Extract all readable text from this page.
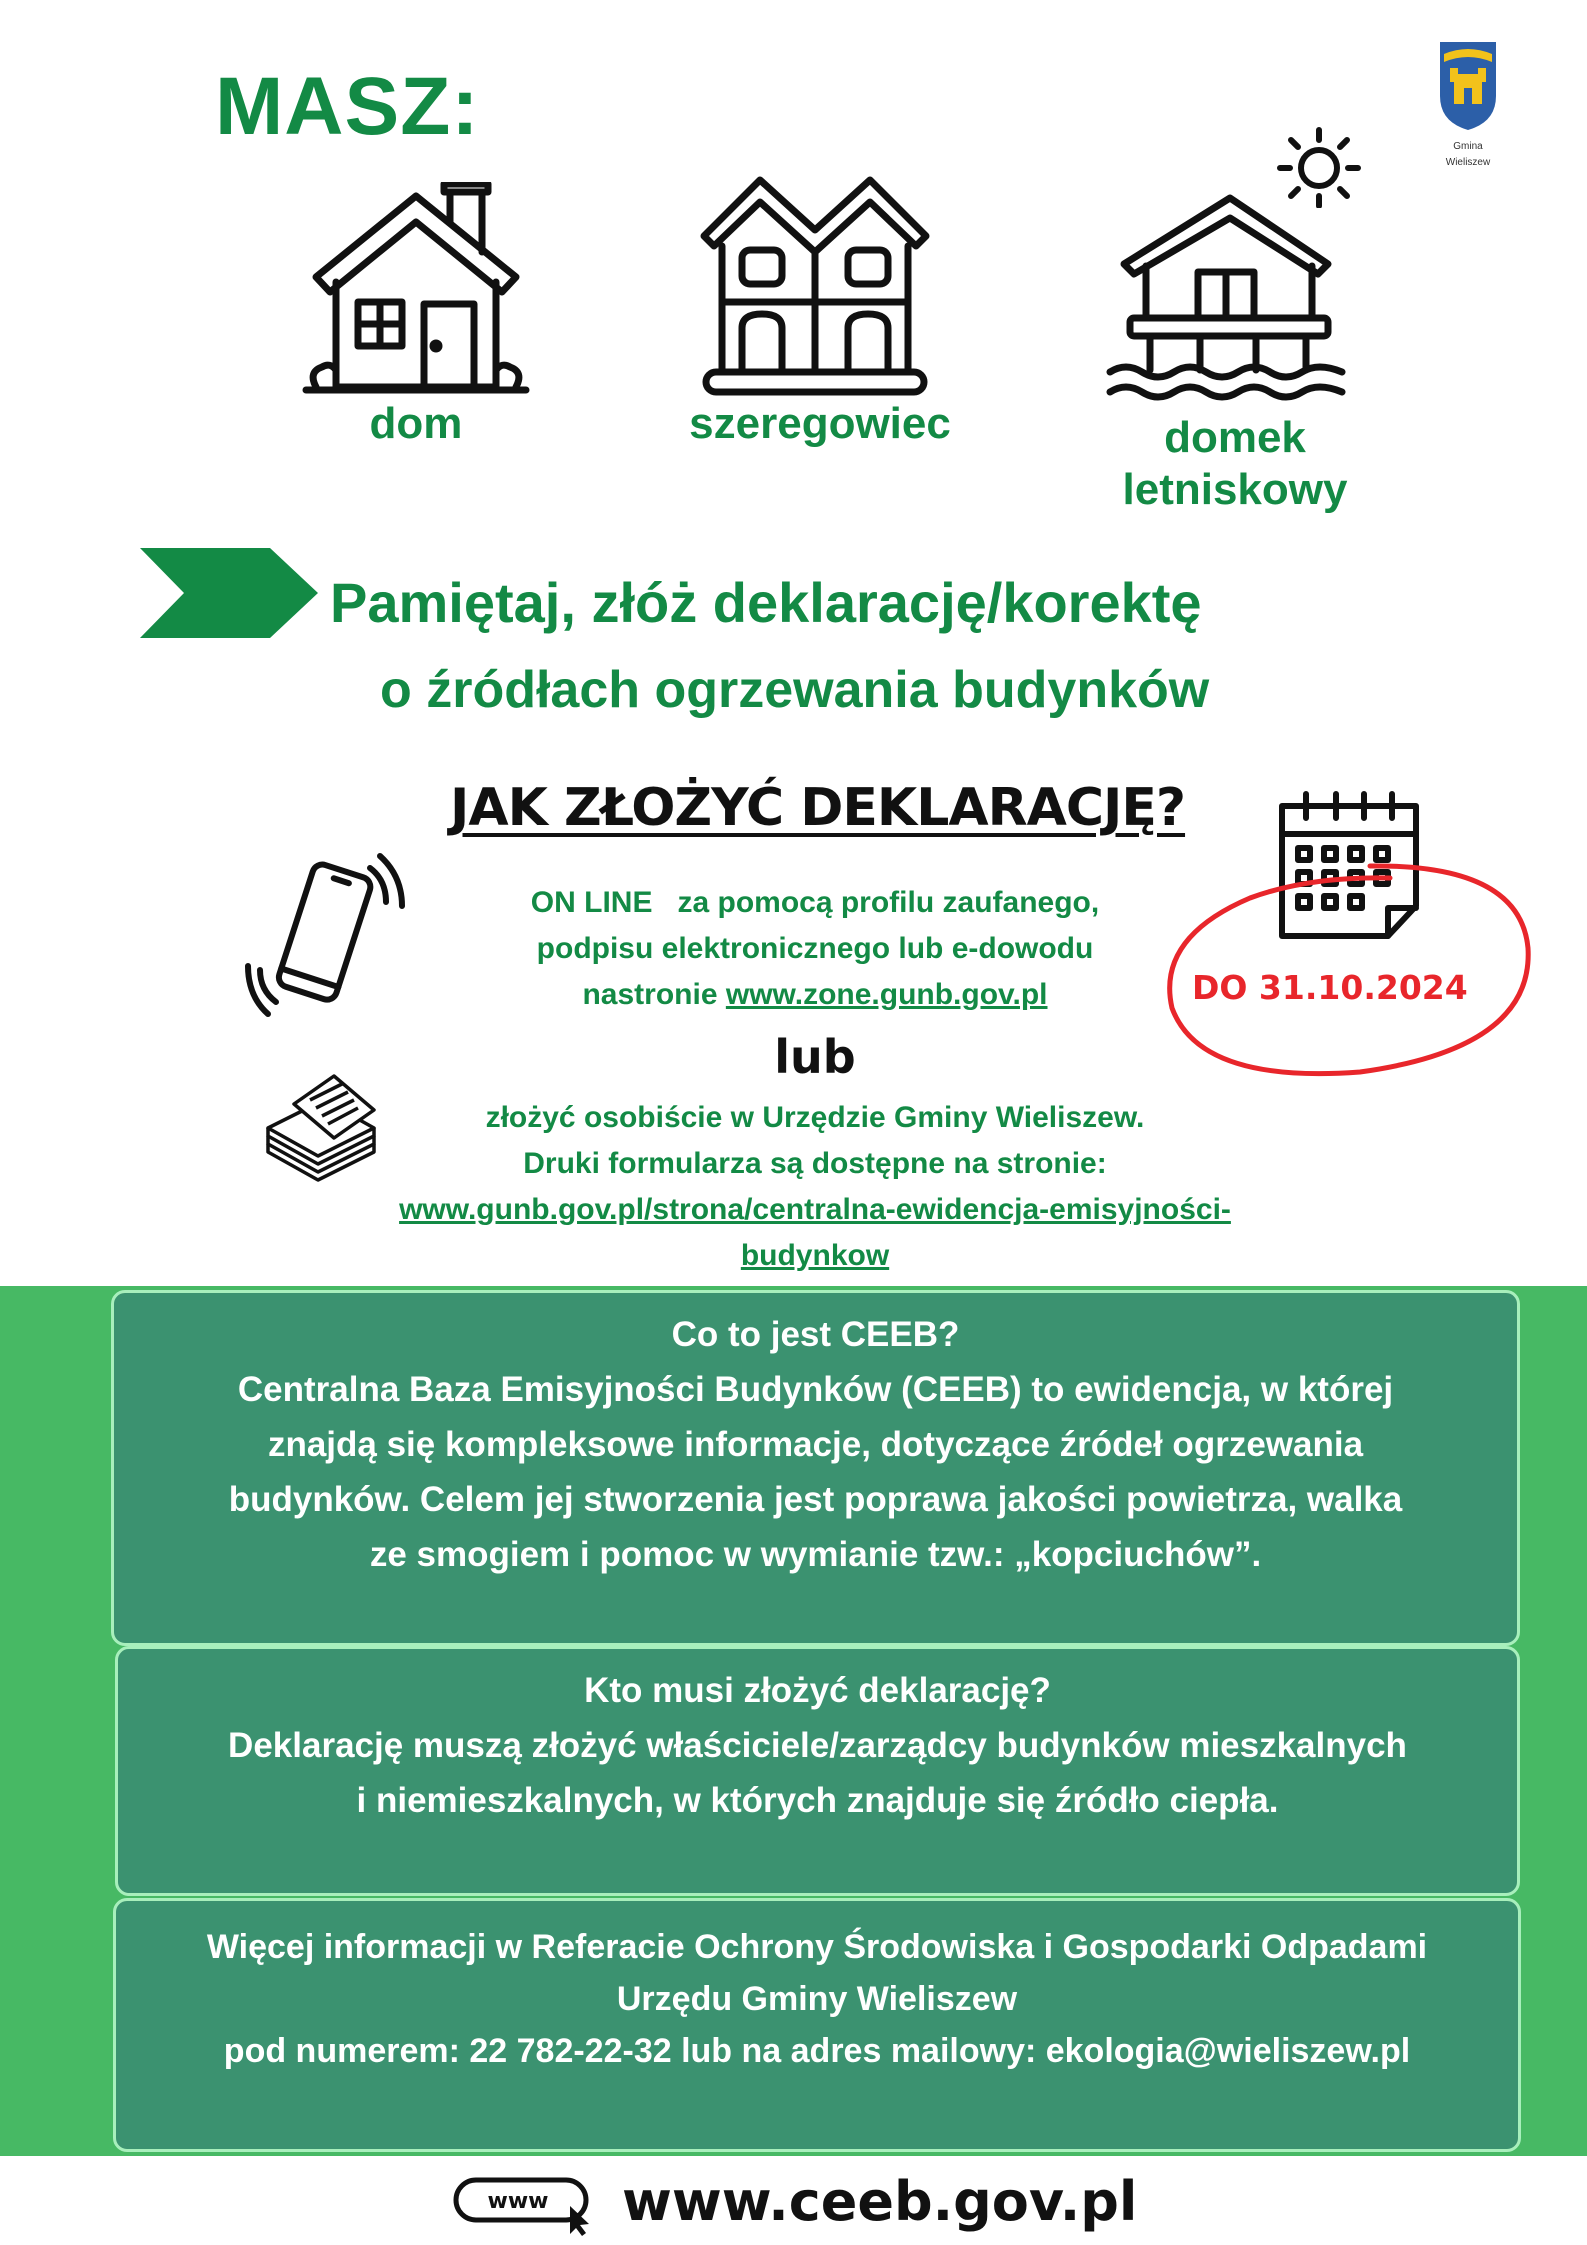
MASZ:	Gmina
Wieliszew
dom	szeregowiec	domek
letniskowy
Pamiętaj, złóż deklarację/korektę
o źródłach ogrzewania budynków
JAK ZŁOŻYĆ DEKLARACJĘ?
ON LINE za pomocą profilu zaufanego,
podpisu elektronicznego lub e-dowodu
nastronie www.zone.gunb.gov.pl
lub
złożyć osobiście w Urzędzie Gminy Wieliszew.
Druki formularza są dostępne na stronie:
www.gunb.gov.pl/strona/centralna-ewidencja-emisyjności-
budynkow
DO 31.10.2024
Co to jest CEEB?
Centralna Baza Emisyjności Budynków (CEEB) to ewidencja, w której
znajdą się kompleksowe informacje, dotyczące źródeł ogrzewania
budynków. Celem jej stworzenia jest poprawa jakości powietrza, walka
ze smogiem i pomoc w wymianie tzw.: „kopciuchów”.
Kto musi złożyć deklarację?
Deklarację muszą złożyć właściciele/zarządcy budynków mieszkalnych
i niemieszkalnych, w których znajduje się źródło ciepła.
Więcej informacji w Referacie Ochrony Środowiska i Gospodarki Odpadami
Urzędu Gminy Wieliszew
pod numerem: 22 782-22-32 lub na adres mailowy: ekologia@wieliszew.pl
www www.ceeb.gov.pl
